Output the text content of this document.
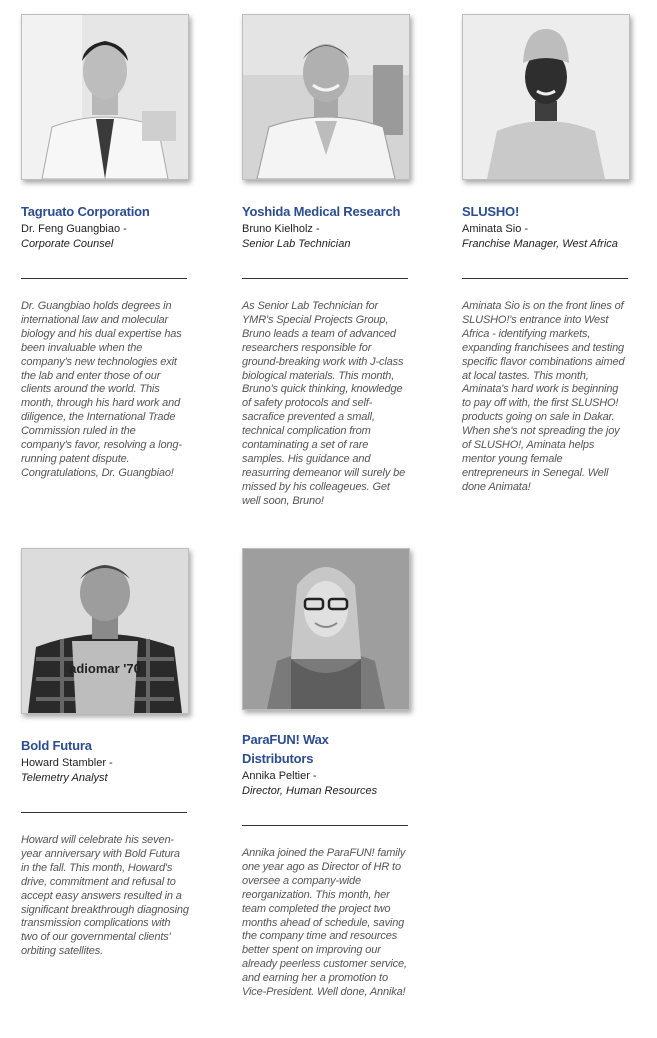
Tagruato Corporation
Dr. Feng Guangbiao -
Corporate Counsel
Dr. Guangbiao holds degrees in international law and molecular biology and his dual expertise has been invaluable when the company's new technologies exit the lab and enter those of our clients around the world. This month, through his hard work and diligence, the International Trade Commission ruled in the company's favor, resolving a long-running patent dispute. Congratulations, Dr. Guangbiao!
Yoshida Medical Research
Bruno Kielholz -
Senior Lab Technician
As Senior Lab Technician for YMR's Special Projects Group, Bruno leads a team of advanced researchers responsible for ground-breaking work with J-class biological materials. This month, Bruno's quick thinking, knowledge of safety protocols and self-sacrafice prevented a small, technical complication from contaminating a set of rare samples. His guidance and reasurring demeanor will surely be missed by his colleageues. Get well soon, Bruno!
SLUSHO!
Aminata Sio -
Franchise Manager, West Africa
Aminata Sio is on the front lines of SLUSHO!'s entrance into West Africa - identifying markets, expanding franchisees and testing specific flavor combinations aimed at local tastes. This month, Aminata's hard work is beginning to pay off with, the first SLUSHO! products going on sale in Dakar. When she's not spreading the joy of SLUSHO!, Aminata helps mentor young female entrepreneurs in Senegal. Well done Animata!
adiomar '70
Bold Futura
Howard Stambler -
Telemetry Analyst
Howard will celebrate his seven-year anniversary with Bold Futura in the fall. This month, Howard's drive, commitment and refusal to accept easy answers resulted in a significant breakthrough diagnosing transmission complications with two of our governmental clients' orbiting satellites.
ParaFUN! Wax Distributors
Annika Peltier -
Director, Human Resources
Annika joined the ParaFUN! family one year ago as Director of HR to oversee a company-wide reorganization. This month, her team completed the project two months ahead of schedule, saving the company time and resources better spent on improving our already peerless customer service, and earning her a promotion to Vice-President. Well done, Annika!
